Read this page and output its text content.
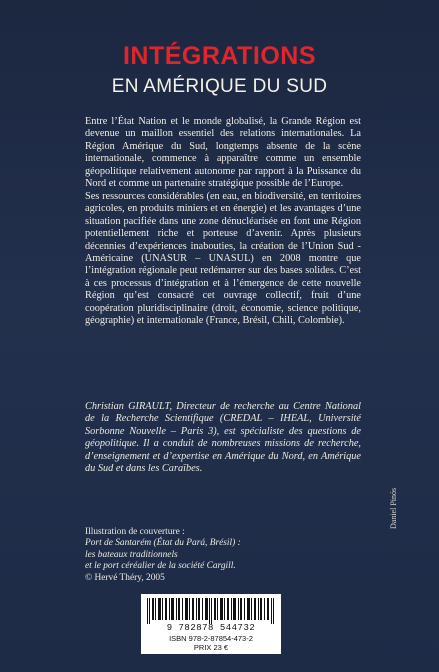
INTÉGRATIONS
EN AMÉRIQUE DU SUD

Entre l’État Nation et le monde globalisé, la Grande Région est devenue un maillon essentiel des relations internationales. La Région Amérique du Sud, longtemps absente de la scène internationale, commence à apparaître comme un ensemble géopolitique relativement autonome par rapport à la Puissance du Nord et comme un partenaire stratégique possible de l’Europe.

Ses ressources considérables (en eau, en biodiversité, en territoires agricoles, en produits miniers et en énergie) et les avantages d’une situation pacifiée dans une zone dénucléarisée en font une Région potentiellement riche et porteuse d’avenir. Après plusieurs décennies d’expériences inabouties, la création de l’Union Sud - Américaine (UNASUR – UNASUL) en 2008 montre que l’intégration régionale peut redémarrer sur des bases solides. C’est à ces processus d’intégration et à l’émergence de cette nouvelle Région qu’est consacré cet ouvrage collectif, fruit d’une coopération pluridisciplinaire (droit, économie, science politique, géographie) et internationale (France, Brésil, Chili, Colombie).

Christian GIRAULT, Directeur de recherche au Centre National de la Recherche Scientifique (CREDAL – IHEAL, Université Sorbonne Nouvelle – Paris 3), est spécialiste des questions de géopolitique. Il a conduit de nombreuses missions de recherche, d’enseignement et d’expertise en Amérique du Nord, en Amérique du Sud et dans les Caraïbes.
Illustration de couverture :
Port de Santarém (État du Pará, Brésil) :
les bateaux traditionnels
et le port céréalier de la société Cargill.
© Hervé Théry, 2005
Daniel Pinós
9 782878 544732
ISBN 978-2-87854-473-2
PRIX 23 €
